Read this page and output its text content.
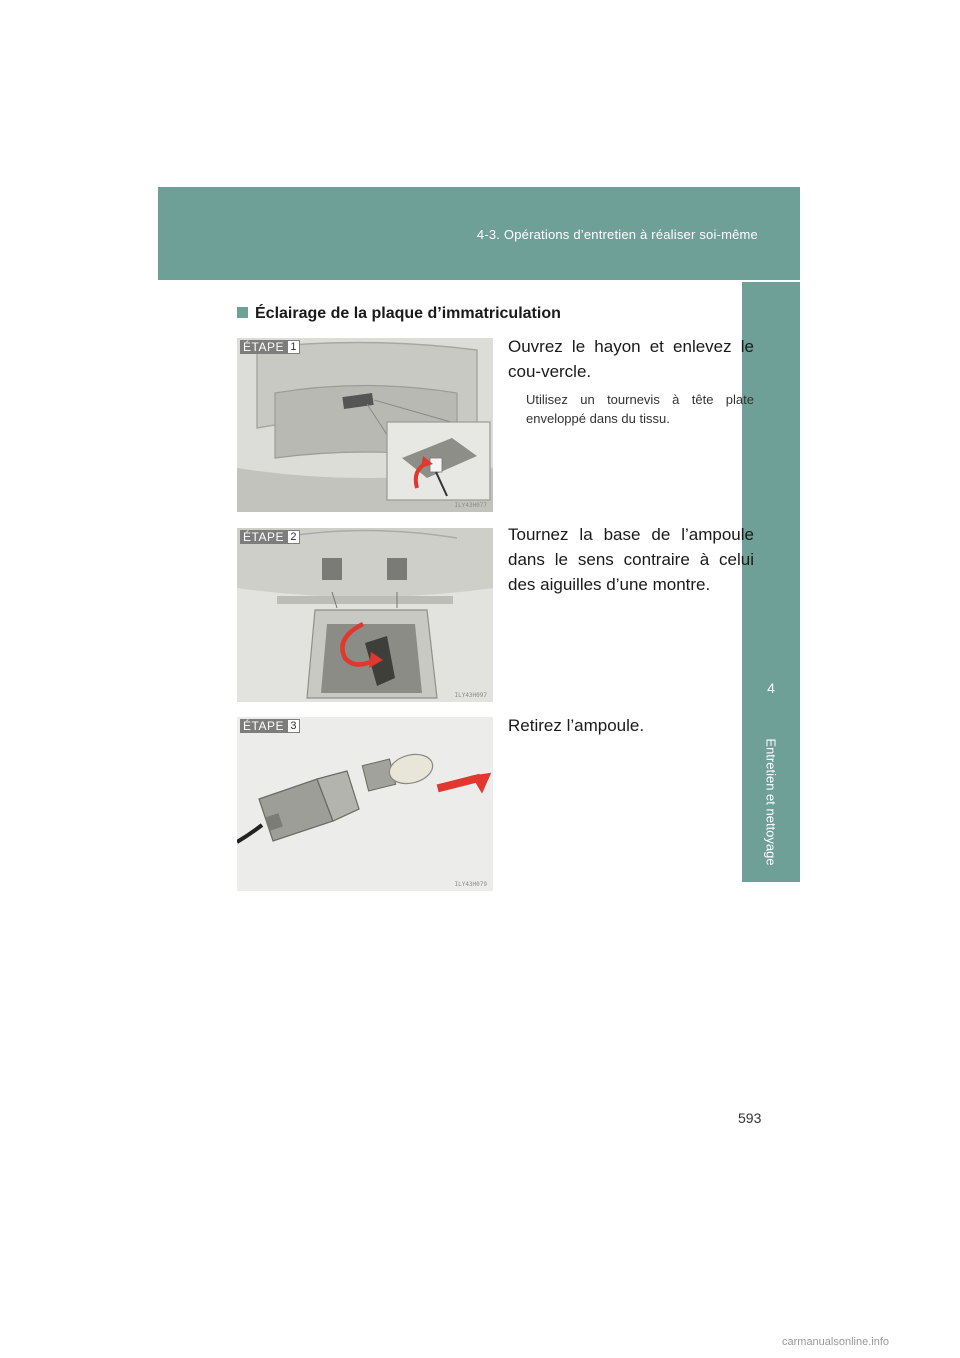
4-3. Opérations d’entretien à réaliser soi-même
4
Entretien et nettoyage
Éclairage de la plaque d’immatriculation
ÉTAPE 1
ILY43H077
Ouvrez le hayon et enlevez le cou-vercle.
Utilisez un tournevis à tête plate enveloppé dans du tissu.
ÉTAPE 2
ILY43H097
Tournez la base de l’ampoule dans le sens contraire à celui des aiguilles d’une montre.
ÉTAPE 3
ILY43H079
Retirez l’ampoule.
593
carmanualsonline.info
